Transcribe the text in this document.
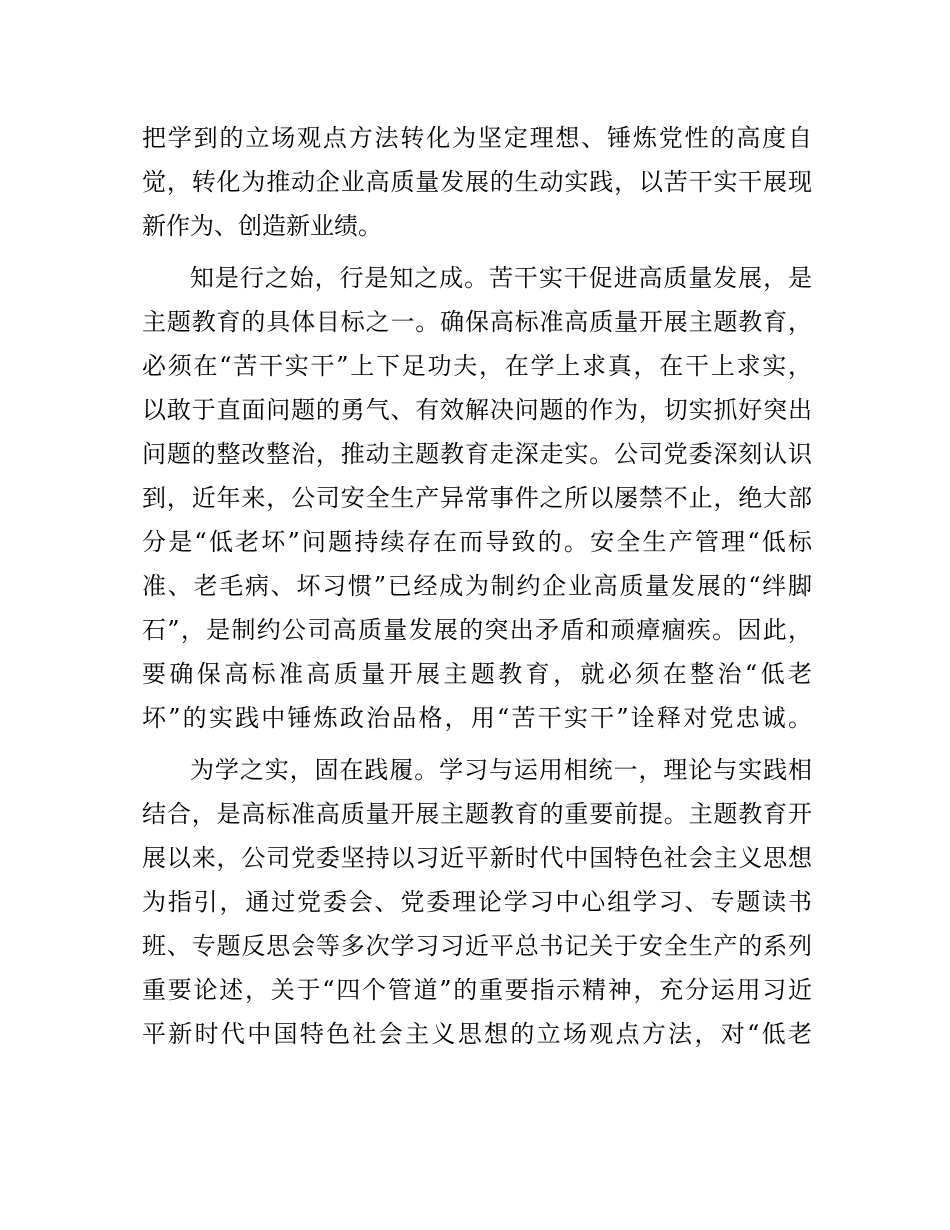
把学到的立场观点方法转化为坚定理想、锤炼党性的高度自
觉，转化为推动企业高质量发展的生动实践，以苦干实干展现
新作为、创造新业绩。
知是行之始，行是知之成。苦干实干促进高质量发展，是
主题教育的具体目标之一。确保高标准高质量开展主题教育，
必须在“苦干实干”上下足功夫，在学上求真，在干上求实，
以敢于直面问题的勇气、有效解决问题的作为，切实抓好突出
问题的整改整治，推动主题教育走深走实。公司党委深刻认识
到，近年来，公司安全生产异常事件之所以屡禁不止，绝大部
分是“低老坏”问题持续存在而导致的。安全生产管理“低标
准、老毛病、坏习惯”已经成为制约企业高质量发展的“绊脚
石”，是制约公司高质量发展的突出矛盾和顽瘴痼疾。因此，
要确保高标准高质量开展主题教育，就必须在整治“低老
坏”的实践中锤炼政治品格，用“苦干实干”诠释对党忠诚。
为学之实，固在践履。学习与运用相统一，理论与实践相
结合，是高标准高质量开展主题教育的重要前提。主题教育开
展以来，公司党委坚持以习近平新时代中国特色社会主义思想
为指引，通过党委会、党委理论学习中心组学习、专题读书
班、专题反思会等多次学习习近平总书记关于安全生产的系列
重要论述，关于“四个管道”的重要指示精神，充分运用习近
平新时代中国特色社会主义思想的立场观点方法，对“低老
